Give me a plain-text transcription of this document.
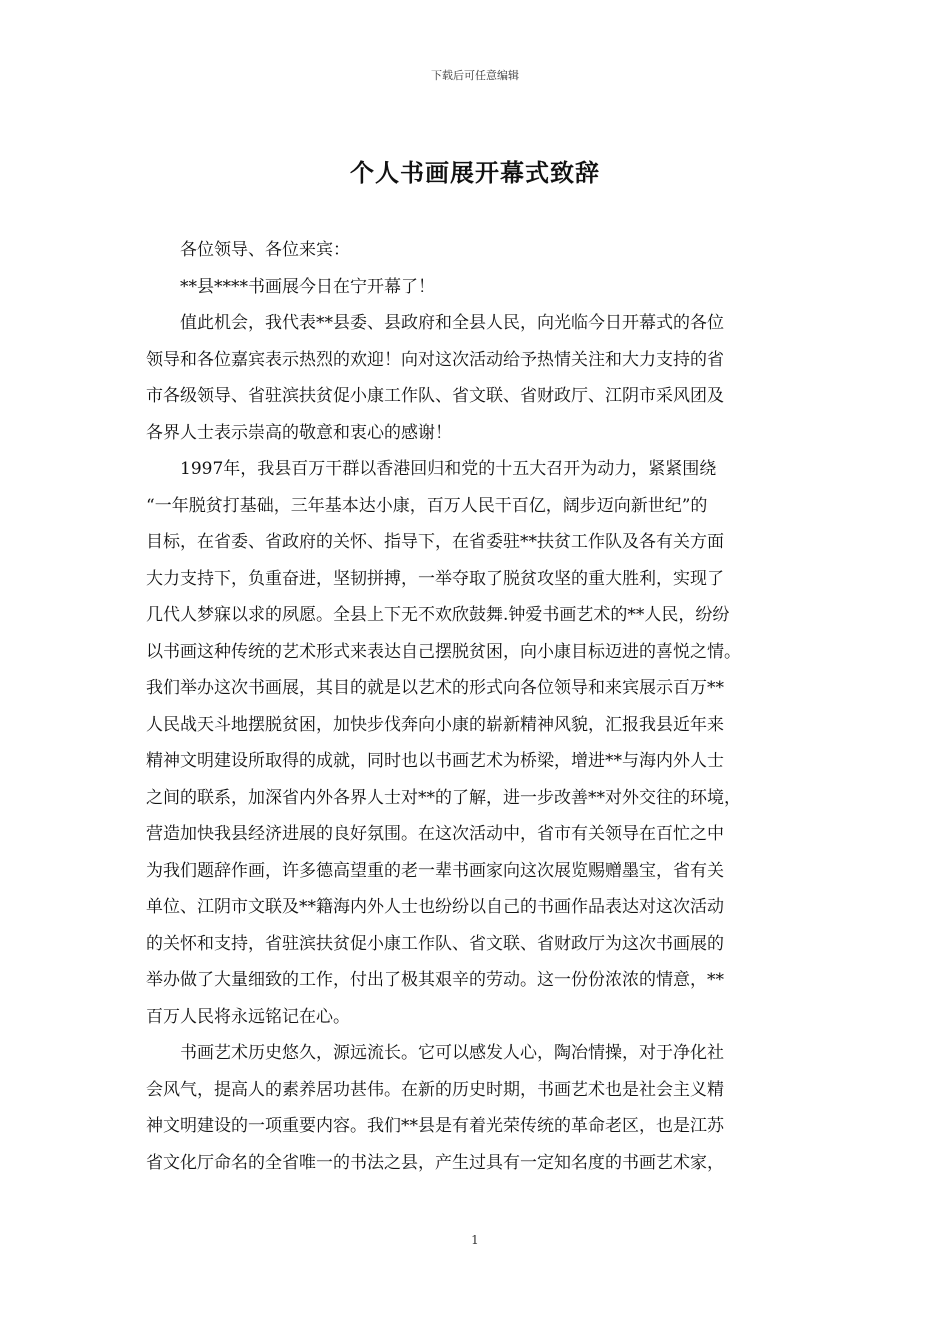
下载后可任意编辑
个人书画展开幕式致辞
各位领导、各位来宾：
**县****书画展今日在宁开幕了！
值此机会，我代表**县委、县政府和全县人民，向光临今日开幕式的各位
领导和各位嘉宾表示热烈的欢迎！向对这次活动给予热情关注和大力支持的省
市各级领导、省驻滨扶贫促小康工作队、省文联、省财政厅、江阴市采风团及
各界人士表示崇高的敬意和衷心的感谢！
1997年，我县百万干群以香港回归和党的十五大召开为动力，紧紧围绕
“一年脱贫打基础，三年基本达小康，百万人民干百亿，阔步迈向新世纪”的
目标，在省委、省政府的关怀、指导下，在省委驻**扶贫工作队及各有关方面
大力支持下，负重奋进，坚韧拼搏，一举夺取了脱贫攻坚的重大胜利，实现了
几代人梦寐以求的夙愿。全县上下无不欢欣鼓舞.钟爱书画艺术的**人民，纷纷
以书画这种传统的艺术形式来表达自己摆脱贫困，向小康目标迈进的喜悦之情。
我们举办这次书画展，其目的就是以艺术的形式向各位领导和来宾展示百万**
人民战天斗地摆脱贫困，加快步伐奔向小康的崭新精神风貌，汇报我县近年来
精神文明建设所取得的成就，同时也以书画艺术为桥梁，增进**与海内外人士
之间的联系，加深省内外各界人士对**的了解，进一步改善**对外交往的环境，
营造加快我县经济进展的良好氛围。在这次活动中，省市有关领导在百忙之中
为我们题辞作画，许多德高望重的老一辈书画家向这次展览赐赠墨宝，省有关
单位、江阴市文联及**籍海内外人士也纷纷以自己的书画作品表达对这次活动
的关怀和支持，省驻滨扶贫促小康工作队、省文联、省财政厅为这次书画展的
举办做了大量细致的工作，付出了极其艰辛的劳动。这一份份浓浓的情意，**
百万人民将永远铭记在心。
书画艺术历史悠久，源远流长。它可以感发人心，陶冶情操，对于净化社
会风气，提高人的素养居功甚伟。在新的历史时期，书画艺术也是社会主义精
神文明建设的一项重要内容。我们**县是有着光荣传统的革命老区，也是江苏
省文化厅命名的全省唯一的书法之县，产生过具有一定知名度的书画艺术家，
1
